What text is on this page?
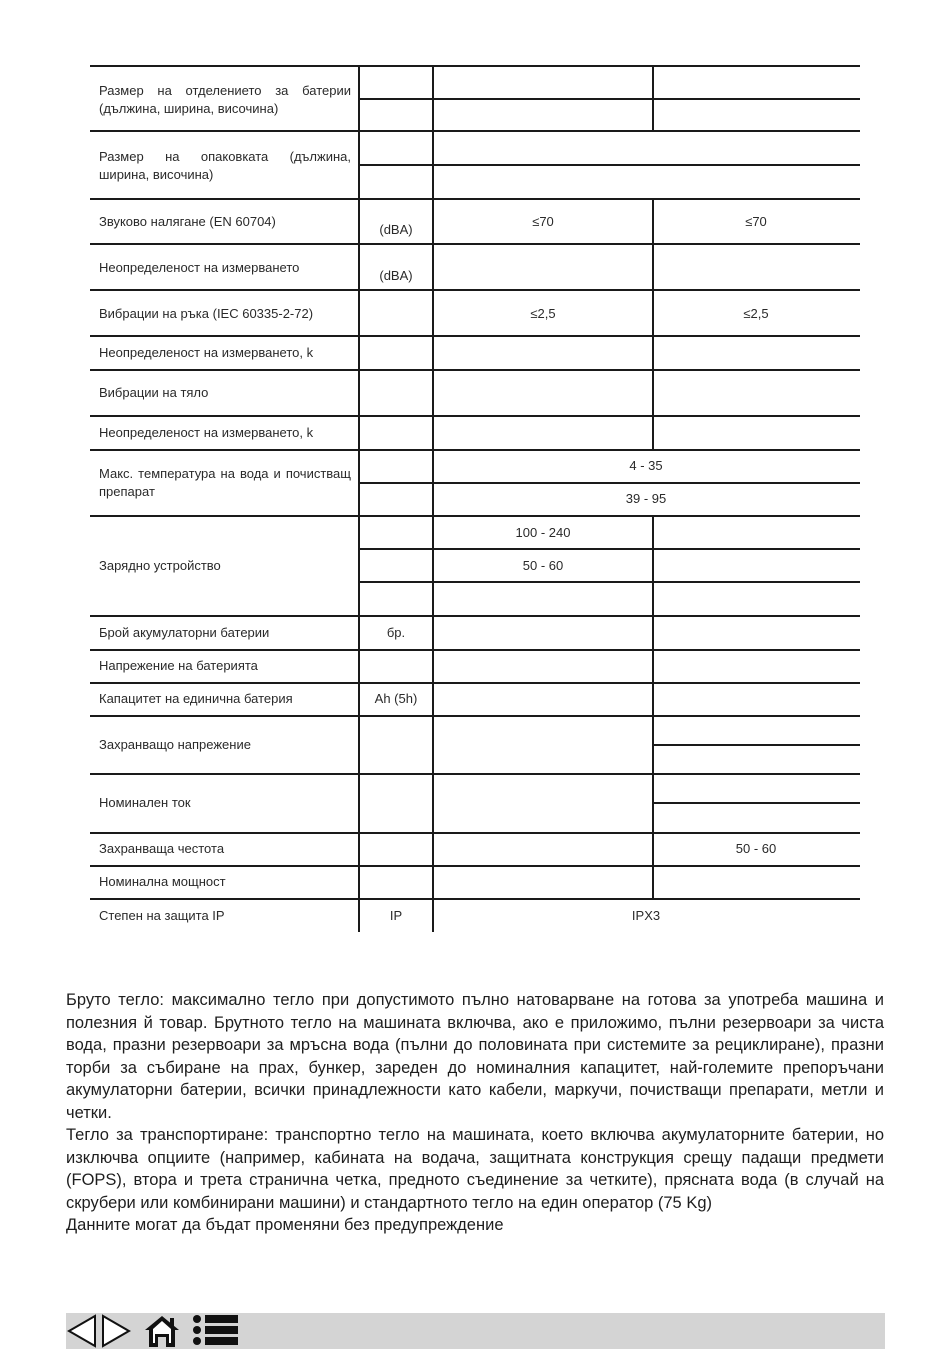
Размер на отделението за батерии (дължина, ширина, височина)
Размер на опаковката (дължина, ширина, височина)
Звуково налягане (EN 60704)
Неопределеност на измерването
Вибрации на ръка (IEC 60335-2-72)
Неопределеност на измерването, k
Вибрации на тяло
Неопределеност на измерването, k
Макс. температура на вода и почистващ препарат
Зарядно устройство
Брой акумулаторни батерии
Напрежение на батерията
Капацитет на единична батерия
Захранващо напрежение
Номинален ток
Захранваща честота
Номинална мощност
Степен на защита IP
(dBA)
(dBA)
бр.
Ah (5h)
IP
≤70	≤70
≤2,5	≤2,5
4 - 35
39 - 95
100 - 240
50 - 60
50 - 60
IPX3

Бруто тегло: максимално тегло при допустимото пълно натоварване на готова за употреба машина и полезния й товар. Брутното тегло на машината включва, ако е приложимо, пълни резервоари за чиста вода, празни резервоари за мръсна вода (пълни до половината при системите за рециклиране), празни торби за събиране на прах, бункер, зареден до номиналния капацитет, най-големите препоръчани акумулаторни батерии, всички принадлежности като кабели, маркучи, почистващи препарати, метли и четки.

Тегло за транспортиране: транспортно тегло на машината, което включва акумулаторните батерии, но изключва опциите (например, кабината на водача, защитната конструкция срещу падащи предмети (FOPS), втора и трета странична четка, предното съединение за четките), прясната вода (в случай на скрубери или комбинирани машини) и стандартното тегло на един оператор (75 Kg)

Данните могат да бъдат променяни без предупреждение
